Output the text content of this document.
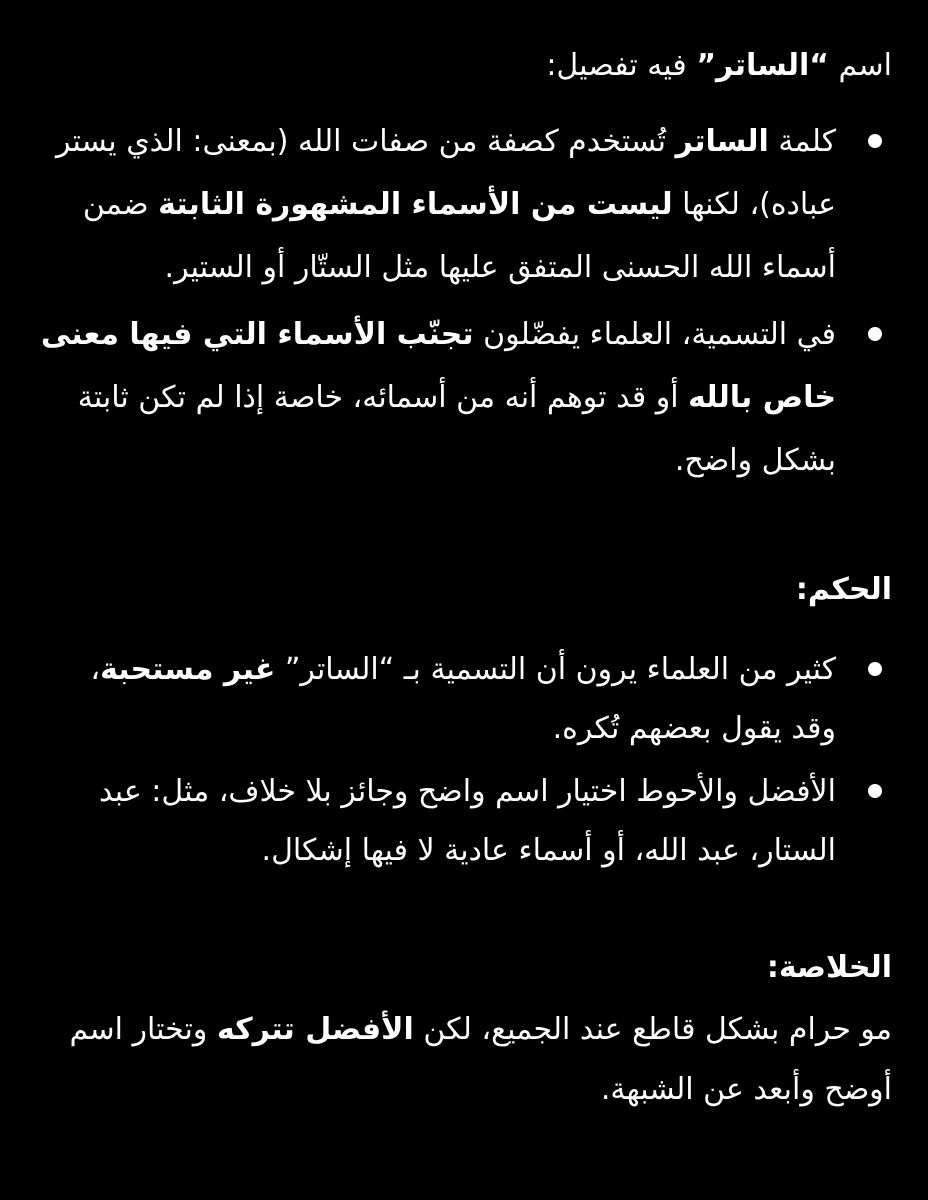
اسم “الساتر” فيه تفصيل:

كلمة الساتر تُستخدم كصفة من صفات الله (بمعنى: الذي يستر عباده)، لكنها ليست من الأسماء المشهورة الثابتة ضمن أسماء الله الحسنى المتفق عليها مثل الستّار أو الستير.
في التسمية، العلماء يفضّلون تجنّب الأسماء التي فيها معنى خاص بالله أو قد توهم أنه من أسمائه، خاصة إذا لم تكن ثابتة بشكل واضح.

الحكم:

كثير من العلماء يرون أن التسمية بـ “الساتر” غير مستحبة، وقد يقول بعضهم تُكره.
الأفضل والأحوط اختيار اسم واضح وجائز بلا خلاف، مثل: عبد الستار، عبد الله، أو أسماء عادية لا فيها إشكال.

الخلاصة:

مو حرام بشكل قاطع عند الجميع، لكن الأفضل تتركه وتختار اسم أوضح وأبعد عن الشبهة.
